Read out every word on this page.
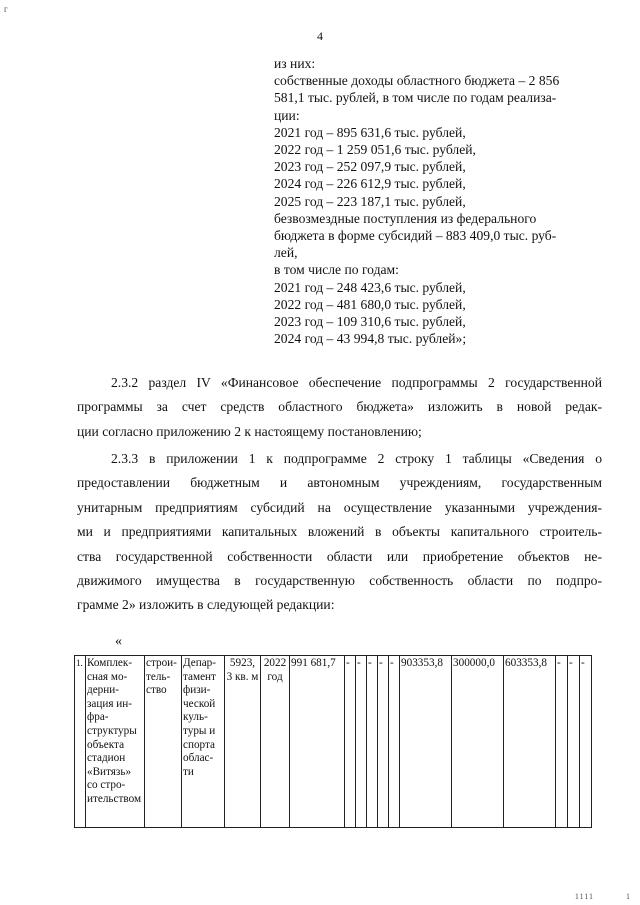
г
4
из них:
собственные доходы областного бюджета – 2 856
581,1 тыс. рублей, в том числе по годам реализа-
ции:
2021 год – 895 631,6 тыс. рублей,
2022 год – 1 259 051,6 тыс. рублей,
2023 год – 252 097,9 тыс. рублей,
2024 год – 226 612,9 тыс. рублей,
2025 год – 223 187,1 тыс. рублей,
безвозмездные поступления из федерального
бюджета в форме субсидий – 883 409,0 тыс. руб-
лей,
в том числе по годам:
2021 год – 248 423,6 тыс. рублей,
2022 год – 481 680,0 тыс. рублей,
2023 год – 109 310,6 тыс. рублей,
2024 год – 43 994,8 тыс. рублей»;
2.3.2 раздел IV «Финансовое обеспечение подпрограммы 2 государственной
программы за счет средств областного бюджета» изложить в новой редак-
ции согласно приложению 2 к настоящему постановлению;
2.3.3 в приложении 1 к подпрограмме 2 строку 1 таблицы «Сведения о
предоставлении бюджетным и автономным учреждениям, государственным
унитарным предприятиям субсидий на осуществление указанными учреждения-
ми и предприятиями капитальных вложений в объекты капитального строитель-
ства государственной собственности области или приобретение объектов не-
движимого имущества в государственную собственность области по подпро-
грамме 2» изложить в следующей редакции:
«
1.	Комплек-сная мо-дерни-зация ин-фра-структуры объекта стадион «Витязь» со стро-ительством	строи-тель-ство	Депар-тамент физи-ческой куль-туры и спорта облас-ти	5923, 3 кв. м	2022 год	991 681,7	-	-	-	-	-	903353,8	300000,0	603353,8	-	-	-
1111	1
